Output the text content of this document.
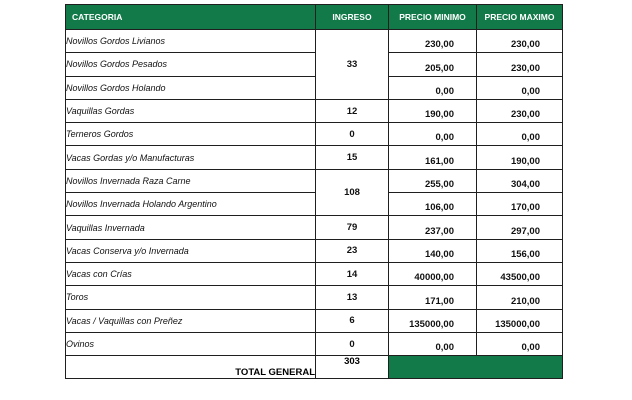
CATEGORIA	INGRESO	PRECIO MINIMO	PRECIO MAXIMO
Novillos Gordos Livianos	33	230,00	230,00
Novillos Gordos Pesados		205,00	230,00
Novillos Gordos Holando		0,00	0,00
Vaquillas Gordas	12	190,00	230,00
Terneros Gordos	0	0,00	0,00
Vacas Gordas y/o Manufacturas	15	161,00	190,00
Novillos Invernada Raza Carne	108	255,00	304,00
Novillos Invernada Holando Argentino		106,00	170,00
Vaquillas Invernada	79	237,00	297,00
Vacas Conserva y/o Invernada	23	140,00	156,00
Vacas con Crías	14	40000,00	43500,00
Toros	13	171,00	210,00
Vacas / Vaquillas con Preñez	6	135000,00	135000,00
Ovinos	0	0,00	0,00
TOTAL GENERAL	303		
